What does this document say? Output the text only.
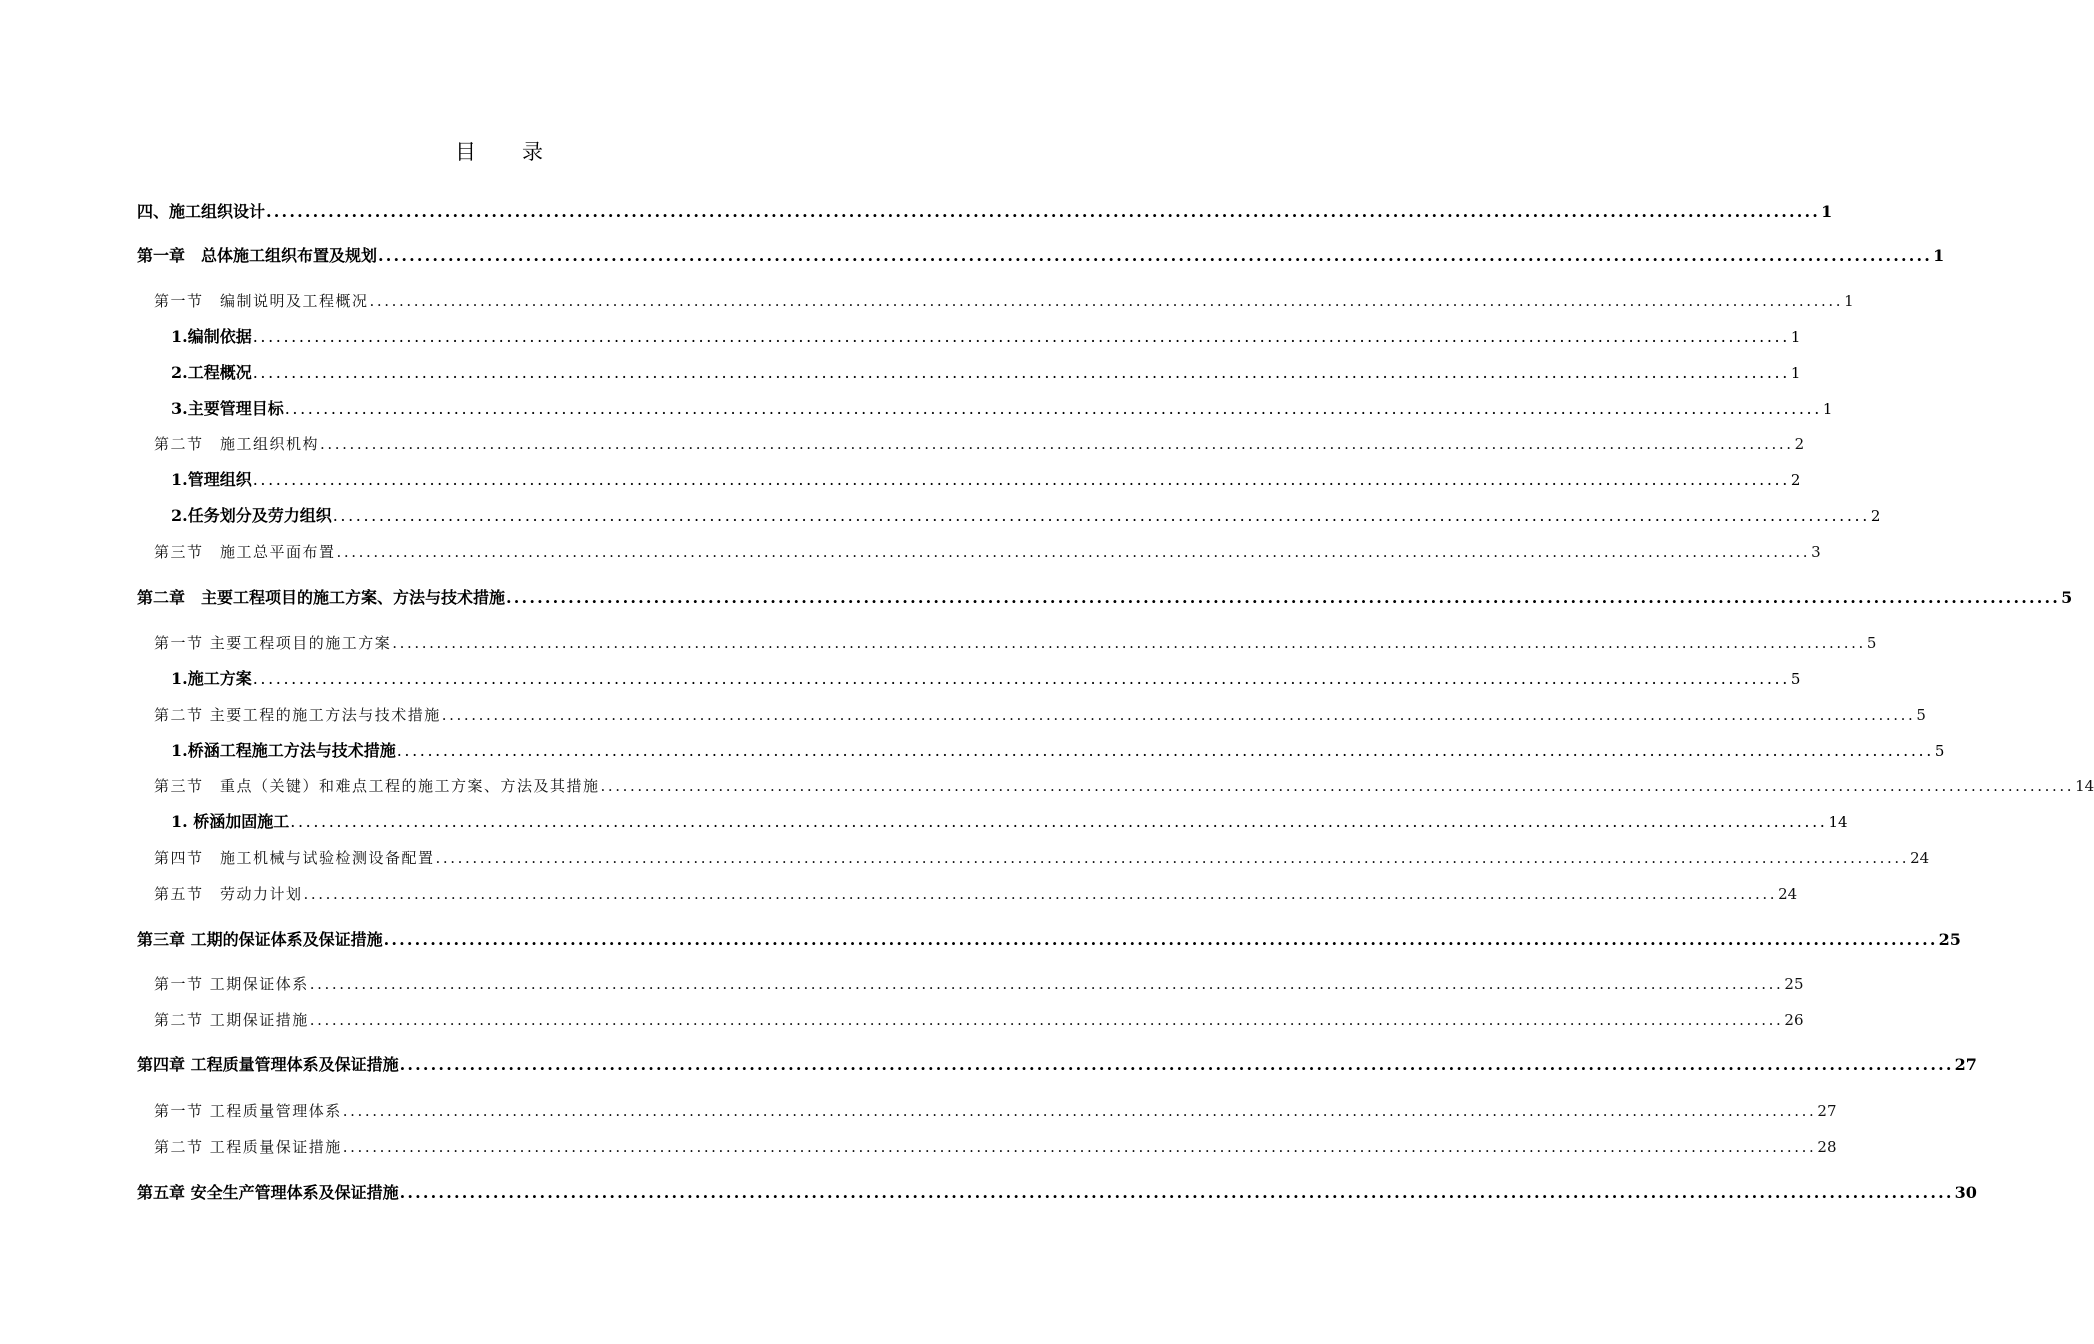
目 录
四、施工组织设计 ........................................................................................................................................................................................................ 1
第一章　总体施工组织布置及规划 ........................................................................................................................................................................................................ 1
第一节　编制说明及工程概况 ........................................................................................................................................................................................................ 1
1.编制依据 ........................................................................................................................................................................................................ 1
2.工程概况 ........................................................................................................................................................................................................ 1
3.主要管理目标 ........................................................................................................................................................................................................ 1
第二节　施工组织机构 ........................................................................................................................................................................................................ 2
1.管理组织 ........................................................................................................................................................................................................ 2
2.任务划分及劳力组织 ........................................................................................................................................................................................................ 2
第三节　施工总平面布置 ........................................................................................................................................................................................................ 3
第二章　主要工程项目的施工方案、方法与技术措施 ........................................................................................................................................................................................................ 5
第一节 主要工程项目的施工方案 ........................................................................................................................................................................................................ 5
1.施工方案 ........................................................................................................................................................................................................ 5
第二节 主要工程的施工方法与技术措施 ........................................................................................................................................................................................................ 5
1.桥涵工程施工方法与技术措施 ........................................................................................................................................................................................................ 5
第三节　重点（关键）和难点工程的施工方案、方法及其措施 ........................................................................................................................................................................................................ 14
1. 桥涵加固施工 ........................................................................................................................................................................................................ 14
第四节　施工机械与试验检测设备配置 ........................................................................................................................................................................................................ 24
第五节　劳动力计划 ........................................................................................................................................................................................................ 24
第三章 工期的保证体系及保证措施 ........................................................................................................................................................................................................ 25
第一节 工期保证体系 ........................................................................................................................................................................................................ 25
第二节 工期保证措施 ........................................................................................................................................................................................................ 26
第四章 工程质量管理体系及保证措施 ........................................................................................................................................................................................................ 27
第一节 工程质量管理体系 ........................................................................................................................................................................................................ 27
第二节 工程质量保证措施 ........................................................................................................................................................................................................ 28
第五章 安全生产管理体系及保证措施 ........................................................................................................................................................................................................ 30
